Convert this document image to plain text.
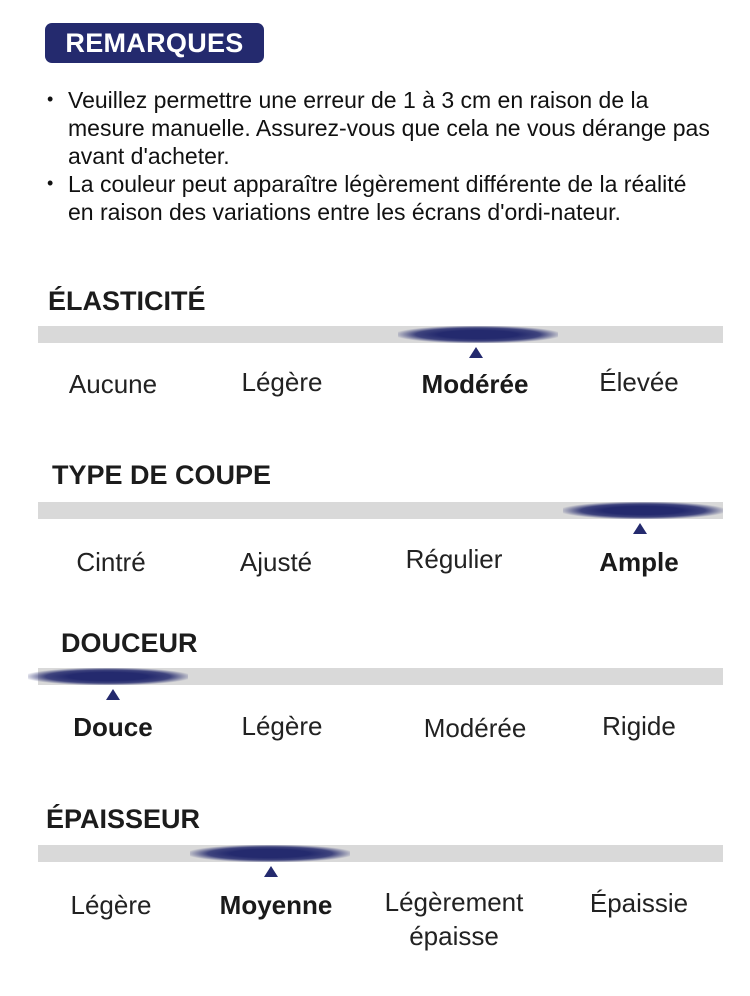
REMARQUES
• Veuillez permettre une erreur de 1 à 3 cm en raison de la mesure manuelle. Assurez-vous que cela ne vous dérange pas avant d'acheter.
• La couleur peut apparaître légèrement différente de la réalité en raison des variations entre les écrans d'ordi-nateur.
ÉLASTICITÉ
Aucune	Légère	Modérée	Élevée
TYPE DE COUPE
Cintré	Ajusté	Régulier	Ample
DOUCEUR
Douce	Légère	Modérée	Rigide
ÉPAISSEUR
Légère	Moyenne	Légèrement épaisse
Épaissie
